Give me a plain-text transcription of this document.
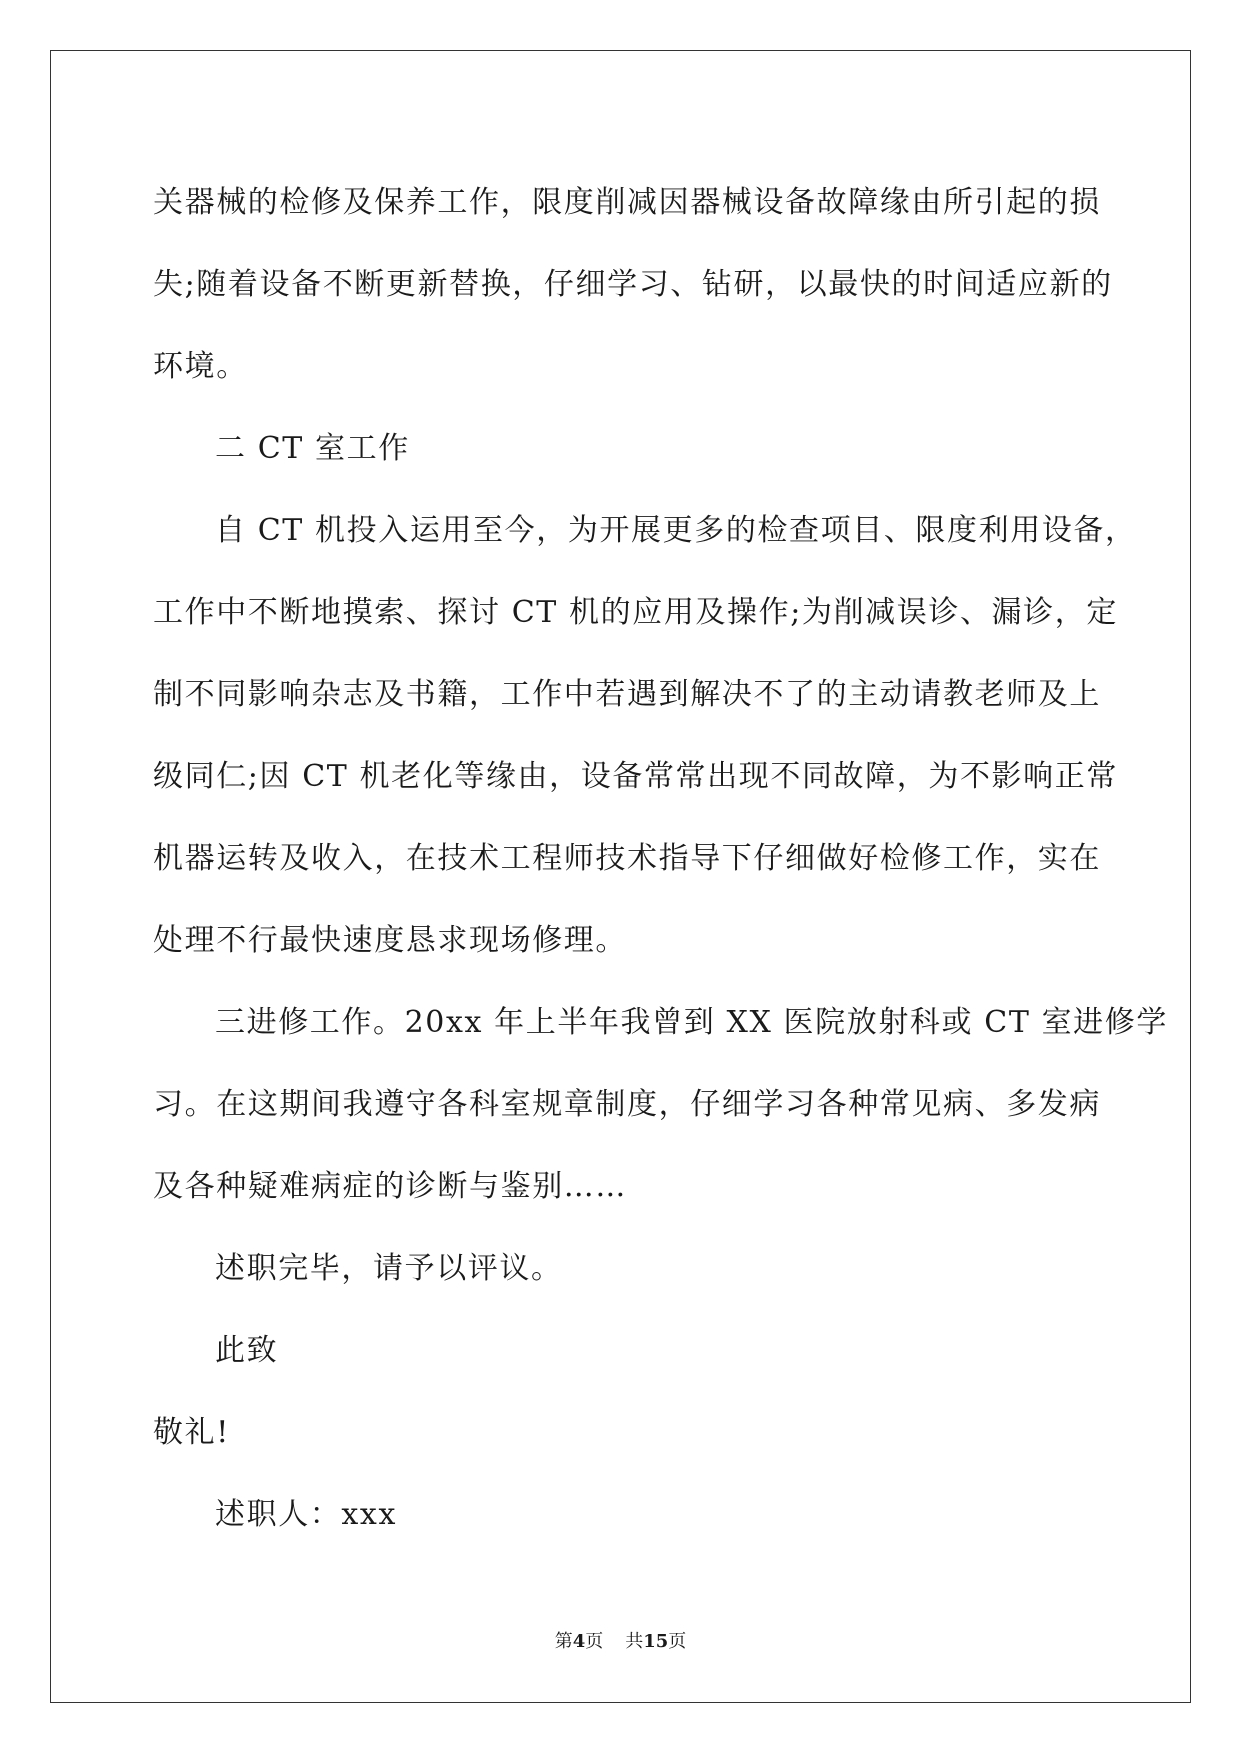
关器械的检修及保养工作，限度削减因器械设备故障缘由所引起的损
失;随着设备不断更新替换，仔细学习、钻研，以最快的时间适应新的
环境。
二 CT 室工作
自 CT 机投入运用至今，为开展更多的检查项目、限度利用设备，
工作中不断地摸索、探讨 CT 机的应用及操作;为削减误诊、漏诊，定
制不同影响杂志及书籍，工作中若遇到解决不了的主动请教老师及上
级同仁;因 CT 机老化等缘由，设备常常出现不同故障，为不影响正常
机器运转及收入，在技术工程师技术指导下仔细做好检修工作，实在
处理不行最快速度恳求现场修理。
三进修工作。20xx 年上半年我曾到 XX 医院放射科或 CT 室进修学
习。在这期间我遵守各科室规章制度，仔细学习各种常见病、多发病
及各种疑难病症的诊断与鉴别……
述职完毕，请予以评议。
此致
敬礼!
述职人：xxx
第4页 共15页
